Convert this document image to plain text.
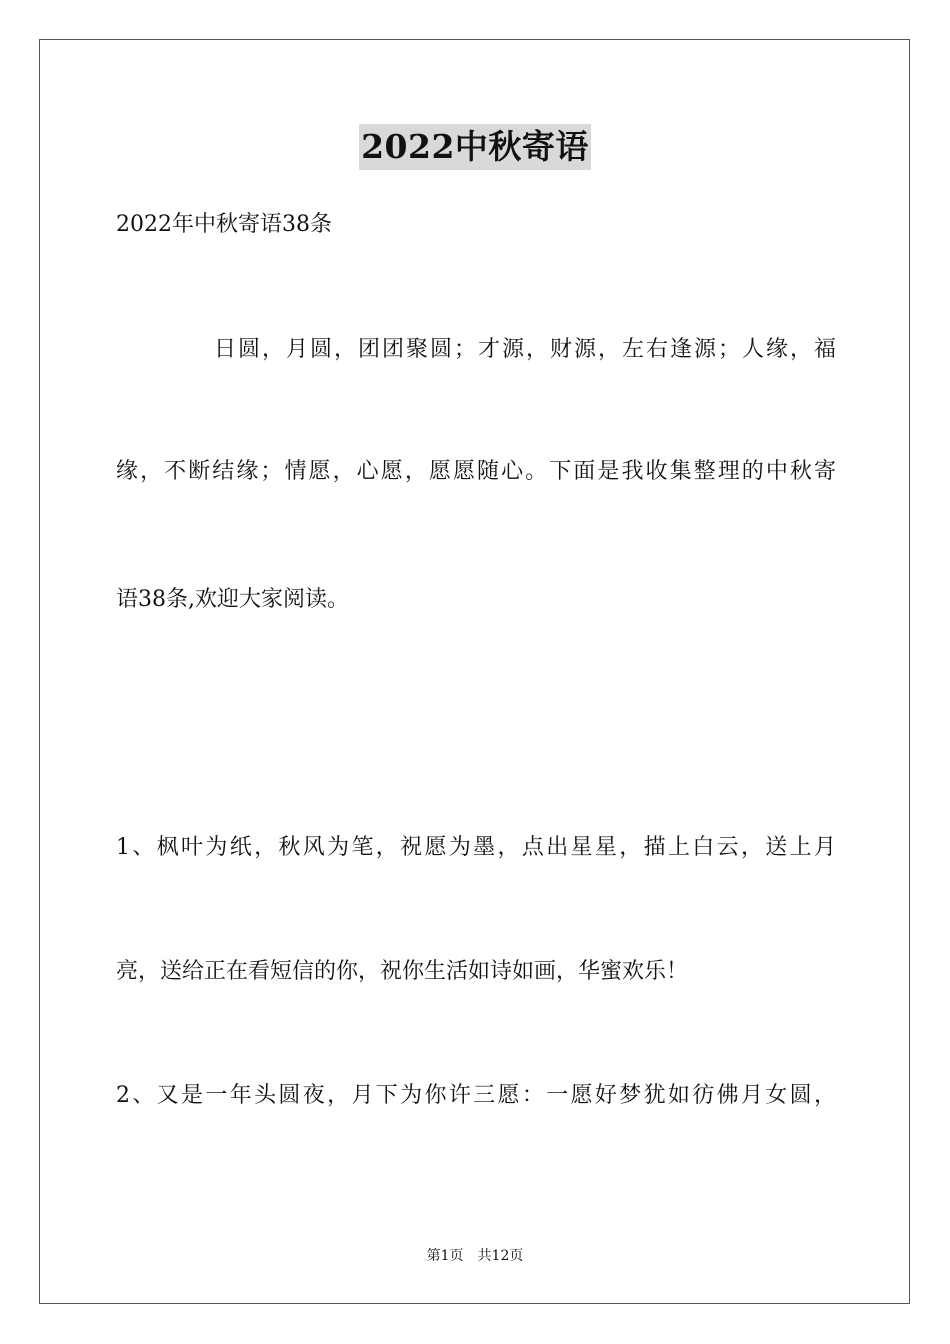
2022中秋寄语
2022年中秋寄语38条
日圆，月圆，团团聚圆；才源，财源，左右逢源；人缘，福
缘，不断结缘；情愿，心愿，愿愿随心。下面是我收集整理的中秋寄
语38条,欢迎大家阅读。
1、枫叶为纸，秋风为笔，祝愿为墨，点出星星，描上白云，送上月
亮，送给正在看短信的你，祝你生活如诗如画，华蜜欢乐！
2、又是一年头圆夜，月下为你许三愿：一愿好梦犹如彷佛月女圆，
第1页 共12页
